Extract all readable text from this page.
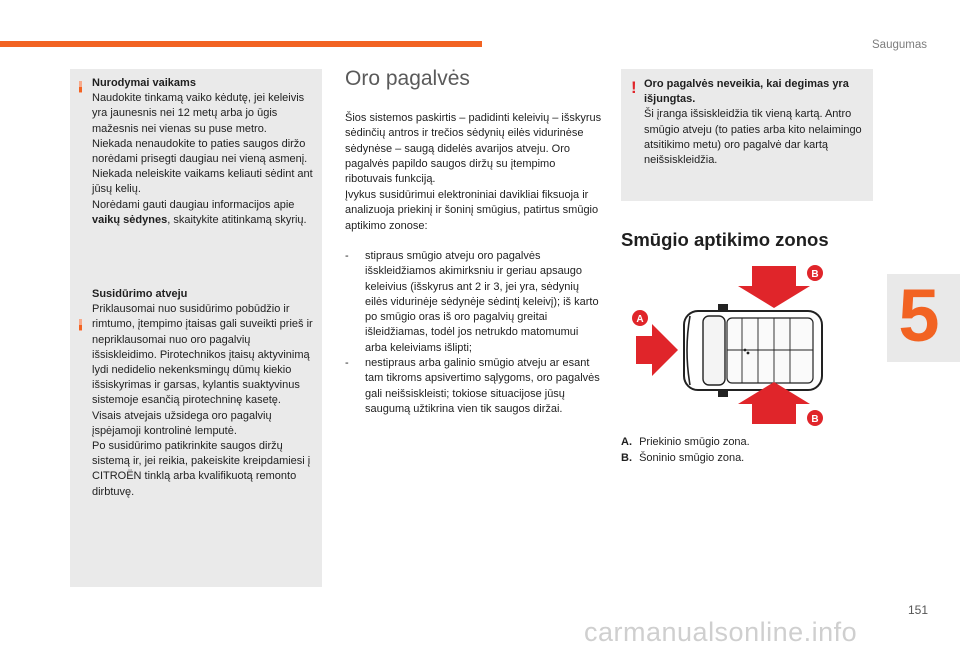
Saugumas
5
Nurodymai vaikams
Naudokite tinkamą vaiko kėdutę, jei keleivis yra jaunesnis nei 12 metų arba jo ūgis mažesnis nei vienas su puse metro.
Niekada nenaudokite to paties saugos diržo norėdami prisegti daugiau nei vieną asmenį.
Niekada neleiskite vaikams keliauti sėdint ant jūsų kelių.
Norėdami gauti daugiau informacijos apie vaikų sėdynes, skaitykite atitinkamą skyrių.
Susidūrimo atveju
Priklausomai nuo susidūrimo pobūdžio ir rimtumo, įtempimo įtaisas gali suveikti prieš ir nepriklausomai nuo oro pagalvių išsiskleidimo. Pirotechnikos įtaisų aktyvinimą lydi nedidelio nekenksmingų dūmų kiekio išsiskyrimas ir garsas, kylantis suaktyvinus sistemoje esančią pirotechninę kasetę.
Visais atvejais užsidega oro pagalvių įspėjamoji kontrolinė lemputė.
Po susidūrimo patikrinkite saugos diržų sistemą ir, jei reikia, pakeiskite kreipdamiesi į CITROËN tinklą arba kvalifikuotą remonto dirbtuvę.
Oro pagalvės
Šios sistemos paskirtis – padidinti keleivių – išskyrus sėdinčių antros ir trečios sėdynių eilės vidurinėse sėdynėse – saugą didelės avarijos atveju. Oro pagalvės papildo saugos diržų su įtempimo ribotuvais funkciją.
Įvykus susidūrimui elektroniniai davikliai fiksuoja ir analizuoja priekinį ir šoninį smūgius, patirtus smūgio aptikimo zonose:
- stipraus smūgio atveju oro pagalvės išskleidžiamos akimirksniu ir geriau apsaugo keleivius (išskyrus ant 2 ir 3, jei yra, sėdynių eilės vidurinėje sėdynėje sėdintį keleivį); iš karto po smūgio oras iš oro pagalvių greitai išleidžiamas, todėl jos netrukdo matomumui arba keleiviams išlipti;
- nestipraus arba galinio smūgio atveju ar esant tam tikroms apsivertimo sąlygoms, oro pagalvės gali neišsiskleisti; tokiose situacijose jūsų saugumą užtikrina vien tik saugos diržai.
! Oro pagalvės neveikia, kai degimas yra išjungtas.
Ši įranga išsiskleidžia tik vieną kartą. Antro smūgio atveju (to paties arba kito nelaimingo atsitikimo metu) oro pagalvė dar kartą neišsiskleidžia.
Smūgio aptikimo zonos
A
B
B
A. Priekinio smūgio zona.
B. Šoninio smūgio zona.
151
carmanualsonline.info
